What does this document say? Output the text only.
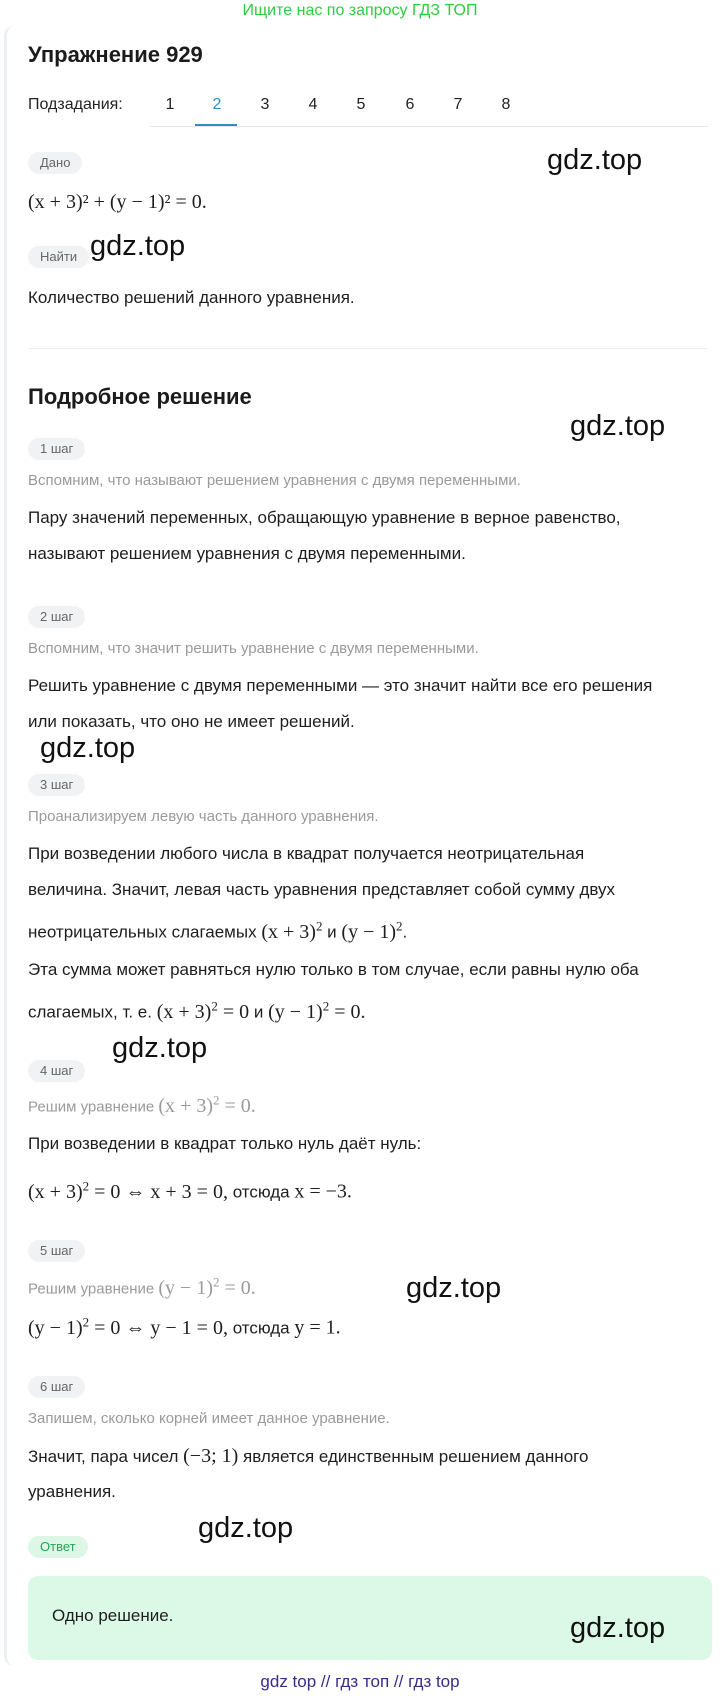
Ищите нас по запросу ГДЗ ТОП
Упражнение 929
Подзадания:	1	2	3	4	5	6	7	8
Дано
(x + 3)² + (y − 1)² = 0.
Найти
Количество решений данного уравнения.
Подробное решение
1 шаг
Вспомним, что называют решением уравнения с двумя переменными.
Пару значений переменных, обращающую уравнение в верное равенство,
называют решением уравнения с двумя переменными.
2 шаг
Вспомним, что значит решить уравнение с двумя переменными.
Решить уравнение с двумя переменными — это значит найти все его решения
или показать, что оно не имеет решений.
3 шаг
Проанализируем левую часть данного уравнения.
При возведении любого числа в квадрат получается неотрицательная
величина. Значит, левая часть уравнения представляет собой сумму двух
неотрицательных слагаемых $(x + 3)^2$ и $(y - 1)^2$.
Эта сумма может равняться нулю только в том случае, если равны нулю оба
слагаемых, т. е. $(x + 3)^2 = 0$ и $(y - 1)^2 = 0$.
4 шаг
Решим уравнение $(x + 3)^2 = 0$.
При возведении в квадрат только нуль даёт нуль:
$(x + 3)^2 = 0$ ⇔ x + 3 = 0, отсюда x = −3.
5 шаг
Решим уравнение $(y - 1)^2 = 0$.
$(y - 1)^2 = 0$ ⇔ y − 1 = 0, отсюда y = 1.
6 шаг
Запишем, сколько корней имеет данное уравнение.
Значит, пара чисел (−3; 1) является единственным решением данного
уравнения.
Ответ
Одно решение.
gdz.top
gdz.top
gdz.top
gdz.top
gdz.top
gdz.top
gdz.top
gdz.top
gdz top // гдз топ // гдз top
